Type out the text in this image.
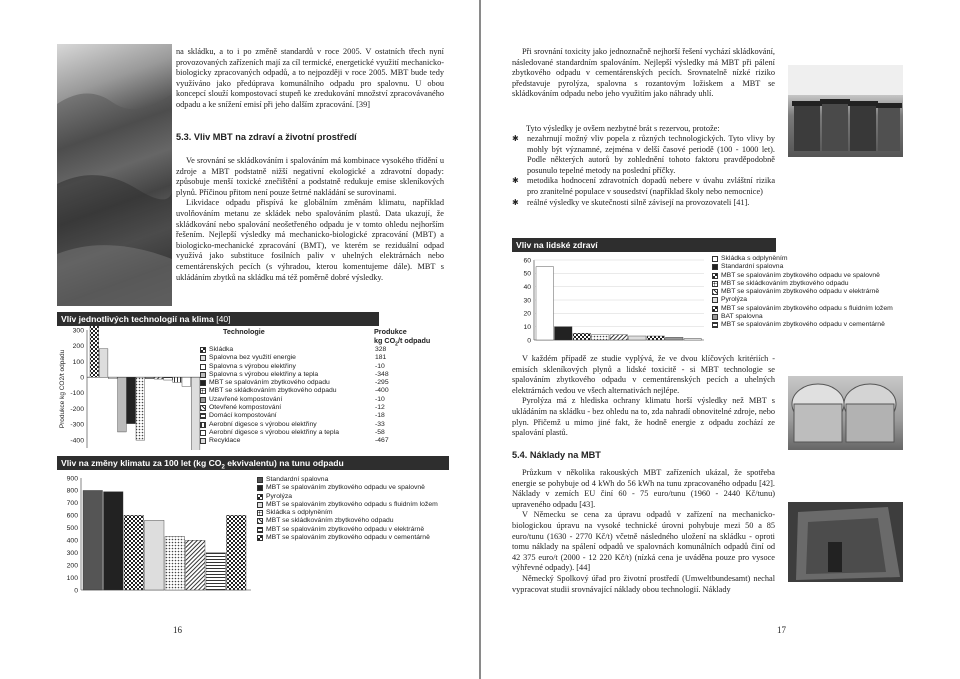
na skládku, a to i po změně standardů v roce 2005. V ostatních třech nyní provozovaných zařízeních mají za cíl termické, energetické využití mechanicko-biologicky zpracovaných odpadů, a to nejpozději v roce 2005. MBT bude tedy využíváno jako předúprava komunálního odpadu pro spalovnu. U obou koncepcí slouží kompostovací stupeň ke zredukování množství zpracovávaného odpadu a ke snížení emisí při jeho dalším zpracování. [39]

5.3. Vliv MBT na zdraví a životní prostředí

Ve srovnání se skládkováním i spalováním má kombinace vysokého třídění u zdroje a MBT podstatně nižší negativní ekologické a zdravotní dopady: způsobuje menší toxické znečištění a podstatně redukuje emise skleníkových plynů. Příčinou přitom není pouze šetrné nakládání se surovinami.

Likvidace odpadu přispívá ke globálním změnám klimatu, například uvolňováním metanu ze skládek nebo spalováním plastů. Data ukazují, že skládkování nebo spalování neošetřeného odpadu je v tomto ohledu nejhorším řešením. Nejlepší výsledky má mechanicko-biologické zpracování (MBT) a biologicko-mechanické zpracování (BMT), ve kterém se reziduální odpad využívá jako substituce fosilních paliv v uhelných elektrárnách nebo cementárenských pecích (s výhradou, kterou komentujeme dále). MBT s ukládáním zbytků na skládku má též poměrně dobré výsledky.

Vlív jednotlivých technologií na klima [40]
Produkce kg CO2/t odpadu
300
200
100
0
-100
-200
-300
-400
Technologie	Produkce
kg $CO_2/t$ odpadu
Skládka
Spalovna bez využití energie
Spalovna s výrobou elektřiny
Spalovna s výrobou elektřiny a tepla
MBT se spalováním zbytkového odpadu
MBT se skládkováním zbytkového odpadu
Uzavřené kompostování
Otevřené kompostování
Domácí kompostování
Aerobní digesce s výrobou elektřiny
Aerobní digesce s výrobou elektřiny a tepla
Recyklace
328
181
-10
-348
-295
-400
-10
-12
-18
-33
-58
-467
Vliv na změny klimatu za 100 let (kg $CO_2$ ekvivalentu) na tunu odpadu
900
800
700
600
500
400
300
200
100
0
Standardní spalovna
MBT se spalováním zbytkového odpadu ve spalovně
Pyrolýza
MBT se spalováním zbytkového odpadu s fluidním ložem
Skládka s odplyněním
MBT se skládkováním zbytkového odpadu
MBT se spalováním zbytkového odpadu v elektrárně
MBT se spalováním zbytkového odpadu v cementárně
16

Při srovnání toxicity jako jednoznačně nejhorší řešení vychází skládkování, následované standardním spalováním. Nejlepší výsledky má MBT při pálení zbytkového odpadu v cementárenských pecích. Srovnatelně nízké riziko představuje pyrolýza, spalovna s rozantovým ložiskem a MBT se skládkováním odpadu nebo jeho využitím jako náhrady uhlí.

Tyto výsledky je ovšem nezbytné brát s rezervou, protože:

✱ nezahrnují možný vliv popela z různých technologických. Tyto vlivy by mohly být významné, zejména v delší časové periodě (100 - 1000 let). Podle některých autorů by zohlednění tohoto faktoru pravděpodobně posunulo tepelné metody na poslední příčky.
✱ metodika hodnocení zdravotních dopadů nebere v úvahu zvláštní rizika pro zranitelné populace v sousedství (například školy nebo nemocnice)
✱ reálné výsledky ve skutečnosti silně závisejí na provozovateli [41].
Vliv na lidské zdraví
60
50
40
30
20
10
0
Skládka s odplyněním
Standardní spalovna
MBT se spalováním zbytkového odpadu ve spalovně
MBT se skládkováním zbytkového odpadu
MBT se spalováním zbytkového odpadu v elektrárně
Pyrolýza
MBT se spalováním zbytkového odpadu s fluidním ložem
BAT spalovna
MBT se spalováním zbytkového odpadu v cementárně

V každém případě ze studie vyplývá, že ve dvou klíčových kritériích - emisích skleníkových plynů a lidské toxicitě - si MBT technologie se spalováním zbytkového odpadu v cementárenských pecích a uhelných elektrárnách vedou ve všech alternativách nejlépe.

Pyrolýza má z hlediska ochrany klimatu horší výsledky než MBT s ukládáním na skládku - bez ohledu na to, zda nahradí obnovitelné zdroje, nebo plyn. Přičemž u mimo jiné fakt, že hodně energie z odpadu zochází ze spalování plastů.

5.4. Náklady na MBT

Průzkum v několika rakouských MBT zařízeních ukázal, že spotřeba energie se pohybuje od 4 kWh do 56 kWh na tunu zpracovaného odpadu [42]. Náklady v zemích EU činí 60 - 75 euro/tunu (1960 - 2440 Kč/tunu) upraveného odpadu [43].

V Německu se cena za úpravu odpadů v zařízení na mechanicko-biologickou úpravu na vysoké technické úrovni pohybuje mezi 50 a 85 euro/tunu (1630 - 2770 Kč/t) včetně následného uložení na skládku - oproti tomu náklady na spálení odpadů ve spalovnách komunálních odpadů činí od 42 375 euro/t (2000 - 12 220 Kč/t) (nízká cena je uváděna pouze pro vysoce výhřevné odpady). [44]

Německý Spolkový úřad pro životní prostředí (Umweltbundesamt) nechal vypracovat studii srovnávající náklady obou technologií. Náklady

17
